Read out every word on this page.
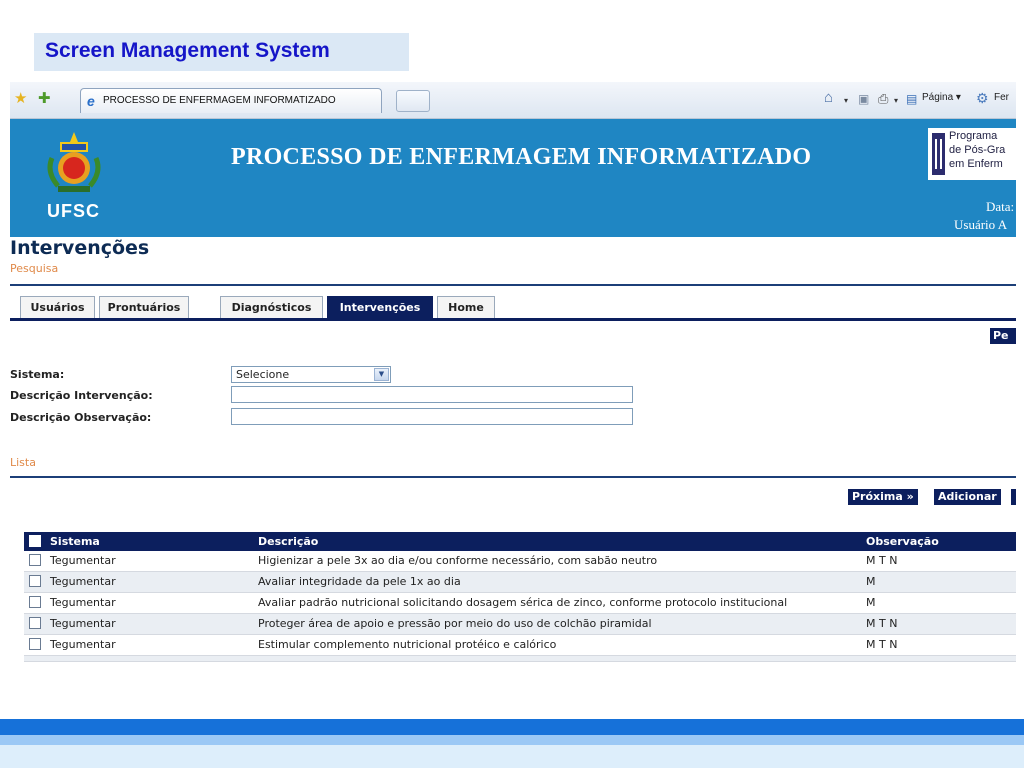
Screen Management System
★ ✚	e PROCESSO DE ENFERMAGEM INFORMATIZADO	⌂ ▾ ▣ ⎙ ▾ ▤ Página ▾ ⚙ Fer
UFSC
PROCESSO DE ENFERMAGEM INFORMATIZADO
Programa
de Pós-Gra
em Enferm
Data:
Usuário A
Intervenções
Pesquisa
Usuários	Prontuários	Diagnósticos	Intervenções	Home
Pe
Sistema:	Selecione	▼
Descrição Intervenção:
Descrição Observação:
Lista
Próxima »	Adicionar
Sistema	Descrição	Observação
Tegumentar	Higienizar a pele 3x ao dia e/ou conforme necessário, com sabão neutro	M T N
Tegumentar	Avaliar integridade da pele 1x ao dia	M
Tegumentar	Avaliar padrão nutricional solicitando dosagem sérica de zinco, conforme protocolo institucional	M
Tegumentar	Proteger área de apoio e pressão por meio do uso de colchão piramidal	M T N
Tegumentar	Estimular complemento nutricional protéico e calórico	M T N
